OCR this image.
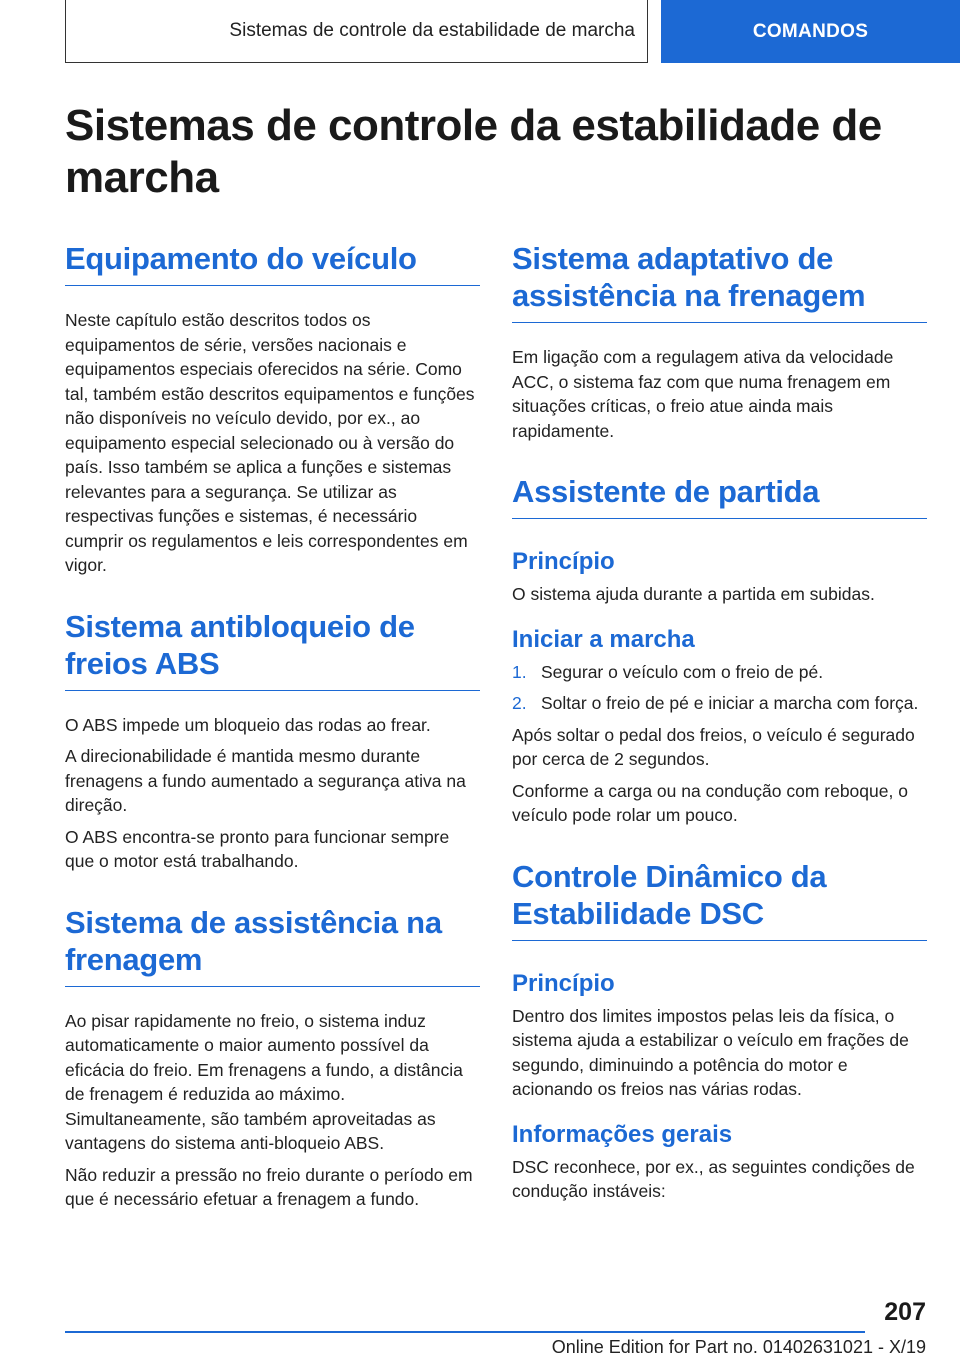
Sistemas de controle da estabilidade de marcha	COMANDOS
Sistemas de controle da estabilidade de marcha
Equipamento do veículo

Neste capítulo estão descritos todos os equipamentos de série, versões nacionais e equipamentos especiais oferecidos na série. Como tal, também estão descritos equipamentos e funções não disponíveis no veículo devido, por ex., ao equipamento especial selecionado ou à versão do país. Isso também se aplica a funções e sistemas relevantes para a segurança. Se utilizar as respectivas funções e sistemas, é necessário cumprir os regulamentos e leis correspondentes em vigor.

Sistema antibloqueio de freios ABS

O ABS impede um bloqueio das rodas ao frear.

A direcionabilidade é mantida mesmo durante frenagens a fundo aumentado a segurança ativa na direção.

O ABS encontra-se pronto para funcionar sempre que o motor está trabalhando.

Sistema de assistência na frenagem

Ao pisar rapidamente no freio, o sistema induz automaticamente o maior aumento possível da eficácia do freio. Em frenagens a fundo, a distância de frenagem é reduzida ao máximo. Simultaneamente, são também aproveitadas as vantagens do sistema anti-bloqueio ABS.

Não reduzir a pressão no freio durante o período em que é necessário efetuar a frenagem a fundo.

Sistema adaptativo de assistência na frenagem

Em ligação com a regulagem ativa da velocidade ACC, o sistema faz com que numa frenagem em situações críticas, o freio atue ainda mais rapidamente.

Assistente de partida
Princípio

O sistema ajuda durante a partida em subidas.

Iniciar a marcha
1. Segurar o veículo com o freio de pé.
2. Soltar o freio de pé e iniciar a marcha com força.

Após soltar o pedal dos freios, o veículo é segurado por cerca de 2 segundos.

Conforme a carga ou na condução com reboque, o veículo pode rolar um pouco.

Controle Dinâmico da Estabilidade DSC
Princípio

Dentro dos limites impostos pelas leis da física, o sistema ajuda a estabilizar o veículo em frações de segundo, diminuindo a potência do motor e acionando os freios nas várias rodas.

Informações gerais

DSC reconhece, por ex., as seguintes condições de condução instáveis:

207
Online Edition for Part no. 01402631021 - X/19
